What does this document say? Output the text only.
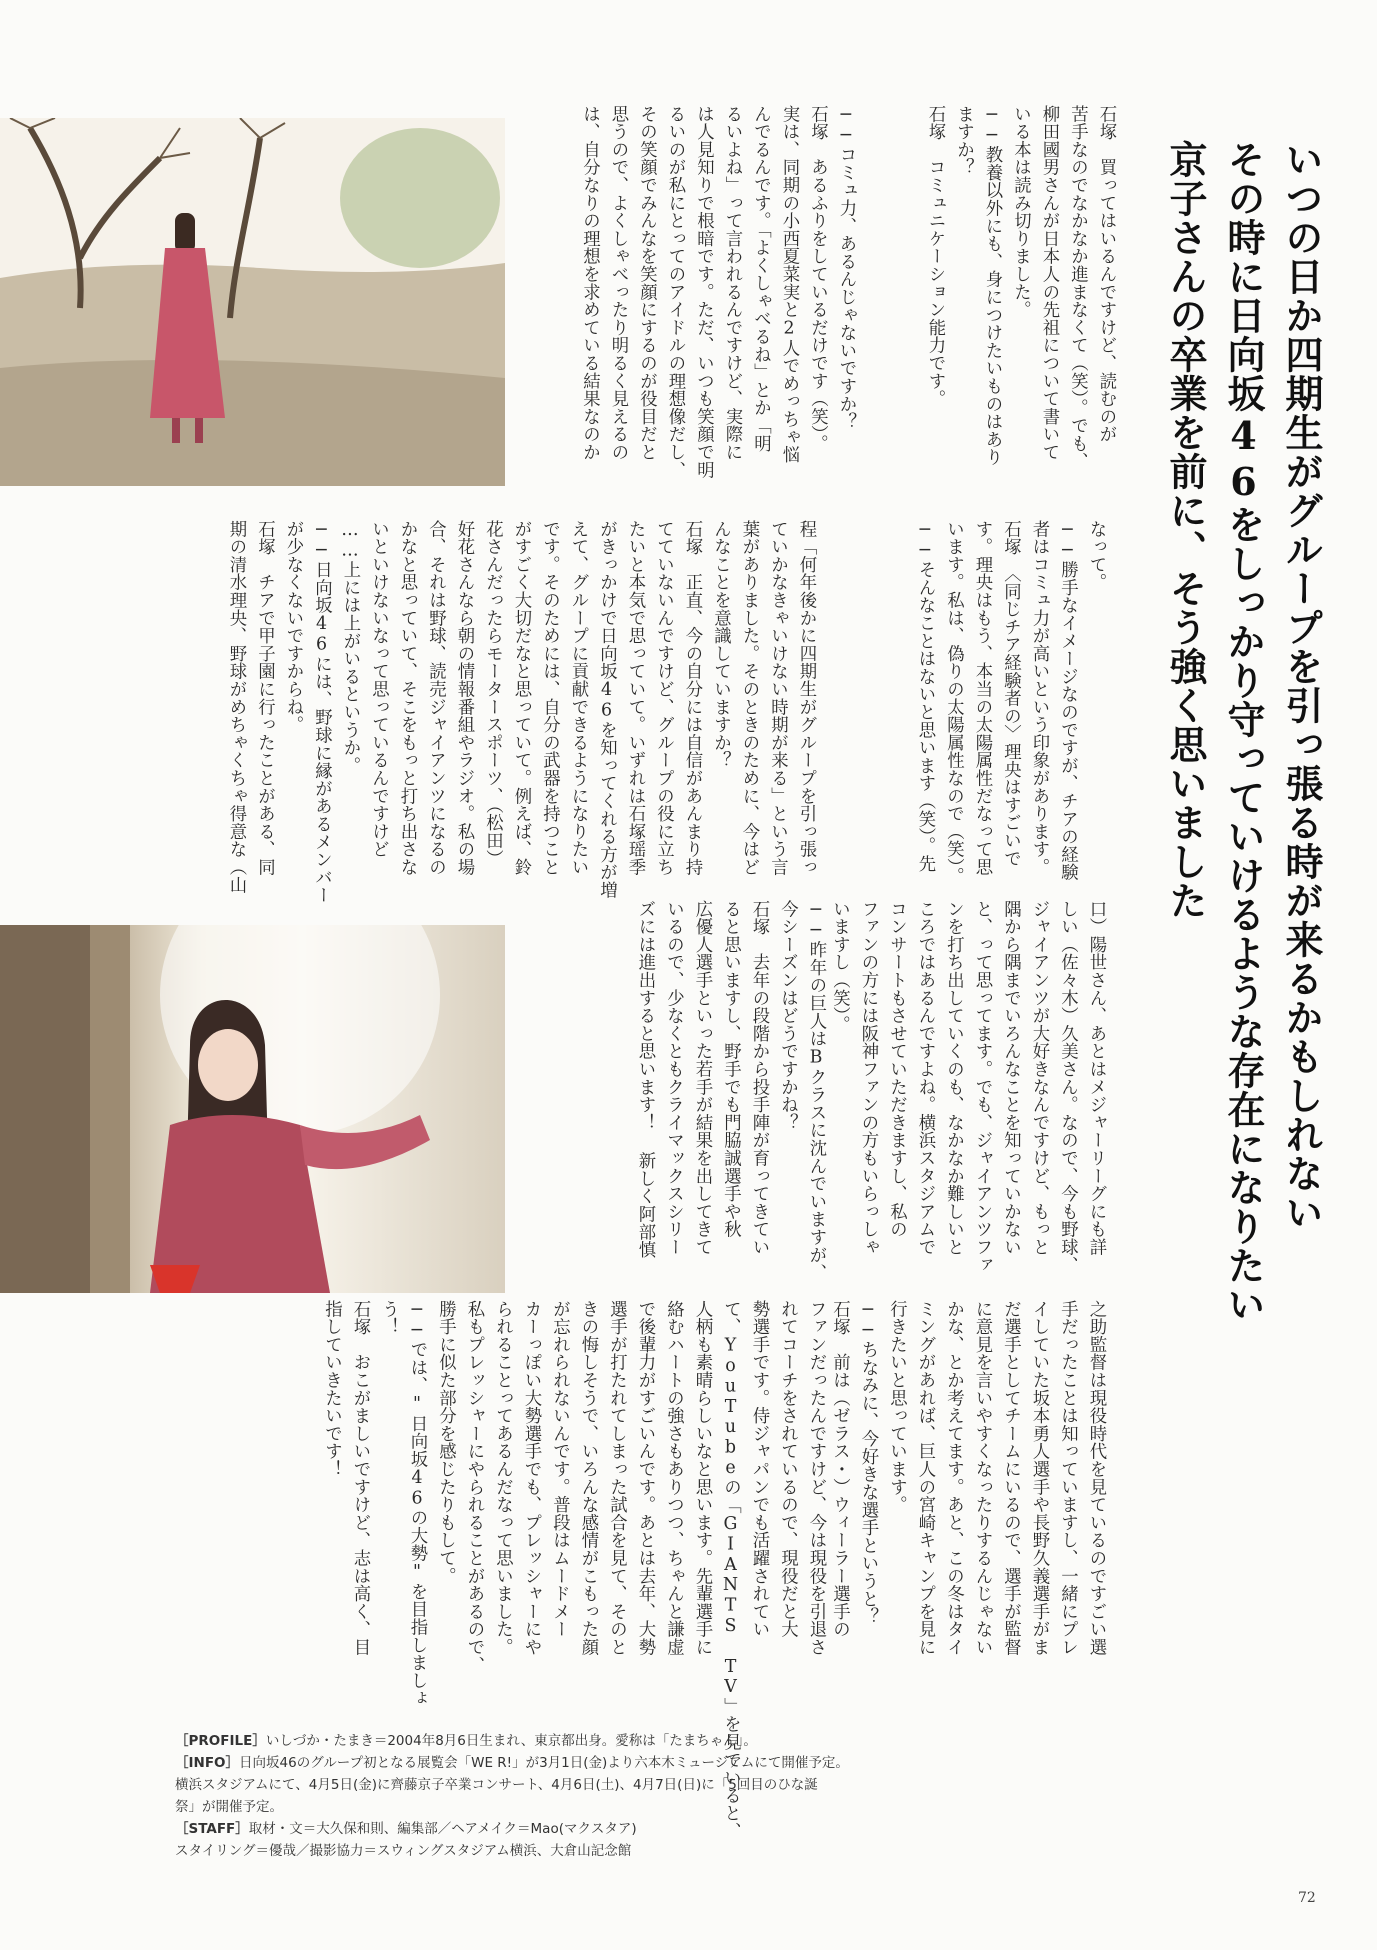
いつの日か四期生がグループを引っ張る時が来るかもしれない
その時に日向坂46をしっかり守っていけるような存在になりたい
京子さんの卒業を前に、そう強く思いました

石塚　買ってはいるんですけど、読むのが

苦手なのでなかなか進まなくて（笑）。でも、

柳田國男さんが日本人の先祖について書いて

いる本は読み切りました。

──教養以外にも、身につけたいものはあり

ますか？

石塚　コミュニケーション能力です。

──コミュ力、あるんじゃないですか？

石塚　あるふりをしているだけです（笑）。

実は、同期の小西夏菜実と2人でめっちゃ悩

んでるんです。「よくしゃべるね」とか「明

るいよね」って言われるんですけど、実際に

は人見知りで根暗です。ただ、いつも笑顔で明

るいのが私にとってのアイドルの理想像だし、

その笑顔でみんなを笑顔にするのが役目だと

思うので、よくしゃべったり明るく見えるの

は、自分なりの理想を求めている結果なのか

なって。

──勝手なイメージなのですが、チアの経験

者はコミュ力が高いという印象があります。

石塚　〈同じチア経験者の〉理央はすごいで

す。理央はもう、本当の太陽属性だなって思

います。私は、偽りの太陽属性なので（笑）。

──そんなことはないと思います（笑）。先

程「何年後かに四期生がグループを引っ張っ

ていかなきゃいけない時期が来る」という言

葉がありました。そのときのために、今はど

んなことを意識していますか？

石塚　正直、今の自分には自信があんまり持

てていないんですけど、グループの役に立ち

たいと本気で思っていて。いずれは石塚瑶季

がきっかけで日向坂46を知ってくれる方が増

えて、グループに貢献できるようになりたい

です。そのためには、自分の武器を持つこと

がすごく大切だなと思っていて。例えば、鈴

花さんだったらモータースポーツ、（松田）

好花さんなら朝の情報番組やラジオ。私の場

合、それは野球、読売ジャイアンツになるの

かなと思っていて、そこをもっと打ち出さな

いといけないなって思っているんですけど

……上には上がいるというか。

──日向坂46には、野球に縁があるメンバー

が少なくないですからね。

石塚　チアで甲子園に行ったことがある、同

期の清水理央、野球がめちゃくちゃ得意な（山

口）陽世さん、あとはメジャーリーグにも詳

しい（佐々木）久美さん。なので、今も野球、

ジャイアンツが大好きなんですけど、もっと

隅から隅までいろんなことを知っていかない

と、って思ってます。でも、ジャイアンツファ

ンを打ち出していくのも、なかなか難しいと

ころではあるんですよね。横浜スタジアムで

コンサートもさせていただきますし、私の

ファンの方には阪神ファンの方もいらっしゃ

いますし（笑）。

──昨年の巨人はBクラスに沈んでいますが、

今シーズンはどうですかね？

石塚　去年の段階から投手陣が育ってきてい

ると思いますし、野手でも門脇誠選手や秋

広優人選手といった若手が結果を出してきて

いるので、少なくともクライマックスシリー

ズには進出すると思います！ 新しく阿部慎

之助監督は現役時代を見ているのですごい選

手だったことは知っていますし、一緒にプレ

イしていた坂本勇人選手や長野久義選手がま

だ選手としてチームにいるので、選手が監督

に意見を言いやすくなったりするんじゃない

かな、とか考えてます。あと、この冬はタイ

ミングがあれば、巨人の宮崎キャンプを見に

行きたいと思っています。

──ちなみに、今好きな選手というと？

石塚　前は（ゼラス・）ウィーラー選手の

ファンだったんですけど、今は現役を引退さ

れてコーチをされているので、現役だと大

勢選手です。侍ジャパンでも活躍されてい

て、YouTubeの「GIANTS TV」を見ていると、

人柄も素晴らしいなと思います。先輩選手に

絡むハートの強さもありつつ、ちゃんと謙虚

で後輩力がすごいんです。あとは去年、大勢

選手が打たれてしまった試合を見て、そのと

きの悔しそうで、いろんな感情がこもった顔

が忘れられないんです。普段はムードメー

カーっぽい大勢選手でも、プレッシャーにや

られることってあるんだなって思いました。

私もプレッシャーにやられることがあるので、

勝手に似た部分を感じたりもして。

──では、"日向坂46の大勢"を目指しましょ

う！

石塚　おこがましいですけど、志は高く、目

指していきたいです！

［PROFILE］いしづか・たまき＝2004年8月6日生まれ、東京都出身。愛称は「たまちゃん」。
［INFO］日向坂46のグループ初となる展覧会「WE R!」が3月1日(金)より六本木ミュージアムにて開催予定。
横浜スタジアムにて、4月5日(金)に齊藤京子卒業コンサート、4月6日(土)、4月7日(日)に「5回目のひな誕
祭」が開催予定。
［STAFF］取材・文＝大久保和則、編集部／ヘアメイク＝Mao(マクスタア)
スタイリング＝優哉／撮影協力＝スウィングスタジアム横浜、大倉山記念館
72
